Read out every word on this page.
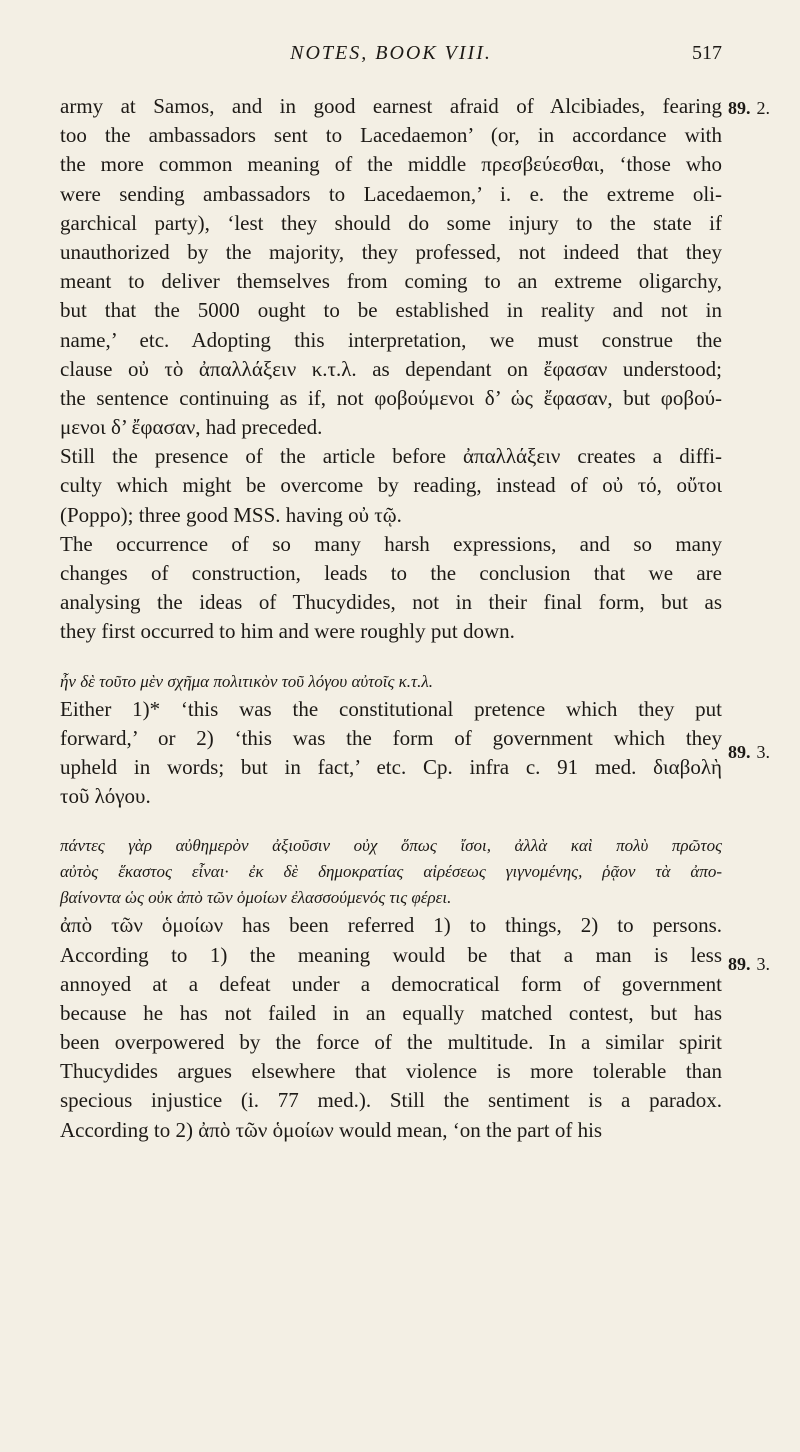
NOTES, BOOK VIII.	517
89. 2.
89. 3.
89. 3.
army at Samos, and in good earnest afraid of Alcibiades, fearing
too the ambassadors sent to Lacedaemon’ (or, in accordance with
the more common meaning of the middle πρεσβεύεσθαι, ‘those who
were sending ambassadors to Lacedaemon,’ i. e. the extreme oli-
garchical party), ‘lest they should do some injury to the state if
unauthorized by the majority, they professed, not indeed that they
meant to deliver themselves from coming to an extreme oligarchy,
but that the 5000 ought to be established in reality and not in
name,’ etc. Adopting this interpretation, we must construe the
clause οὐ τὸ ἀπαλλάξειν κ.τ.λ. as dependant on ἔφασαν understood;
the sentence continuing as if, not φοβούμενοι δ’ ὡς ἔφασαν, but φοβού-
μενοι δ’ ἔφασαν, had preceded.
Still the presence of the article before ἀπαλλάξειν creates a diffi-
culty which might be overcome by reading, instead of οὐ τό, οὔτοι
(Poppo); three good MSS. having οὐ τῷ.
The occurrence of so many harsh expressions, and so many
changes of construction, leads to the conclusion that we are
analysing the ideas of Thucydides, not in their final form, but as
they first occurred to him and were roughly put down.
ἦν δὲ τοῦτο μὲν σχῆμα πολιτικὸν τοῦ λόγου αὐτοῖς κ.τ.λ.
Either 1)* ‘this was the constitutional pretence which they put
forward,’ or 2) ‘this was the form of government which they
upheld in words; but in fact,’ etc. Cp. infra c. 91 med. διαβολὴ
τοῦ λόγου.
πάντες γὰρ αὐθημερὸν ἀξιοῦσιν οὐχ ὅπως ἴσοι, ἀλλὰ καὶ πολὺ πρῶτος
αὐτὸς ἕκαστος εἶναι· ἐκ δὲ δημοκρατίας αἱρέσεως γιγνομένης, ῥᾷον τὰ ἀπο-
βαίνοντα ὡς οὐκ ἀπὸ τῶν ὁμοίων ἐλασσούμενός τις φέρει.
ἀπὸ τῶν ὁμοίων has been referred 1) to things, 2) to persons.
According to 1) the meaning would be that a man is less
annoyed at a defeat under a democratical form of government
because he has not failed in an equally matched contest, but has
been overpowered by the force of the multitude. In a similar spirit
Thucydides argues elsewhere that violence is more tolerable than
specious injustice (i. 77 med.). Still the sentiment is a paradox.
According to 2) ἀπὸ τῶν ὁμοίων would mean, ‘on the part of his
